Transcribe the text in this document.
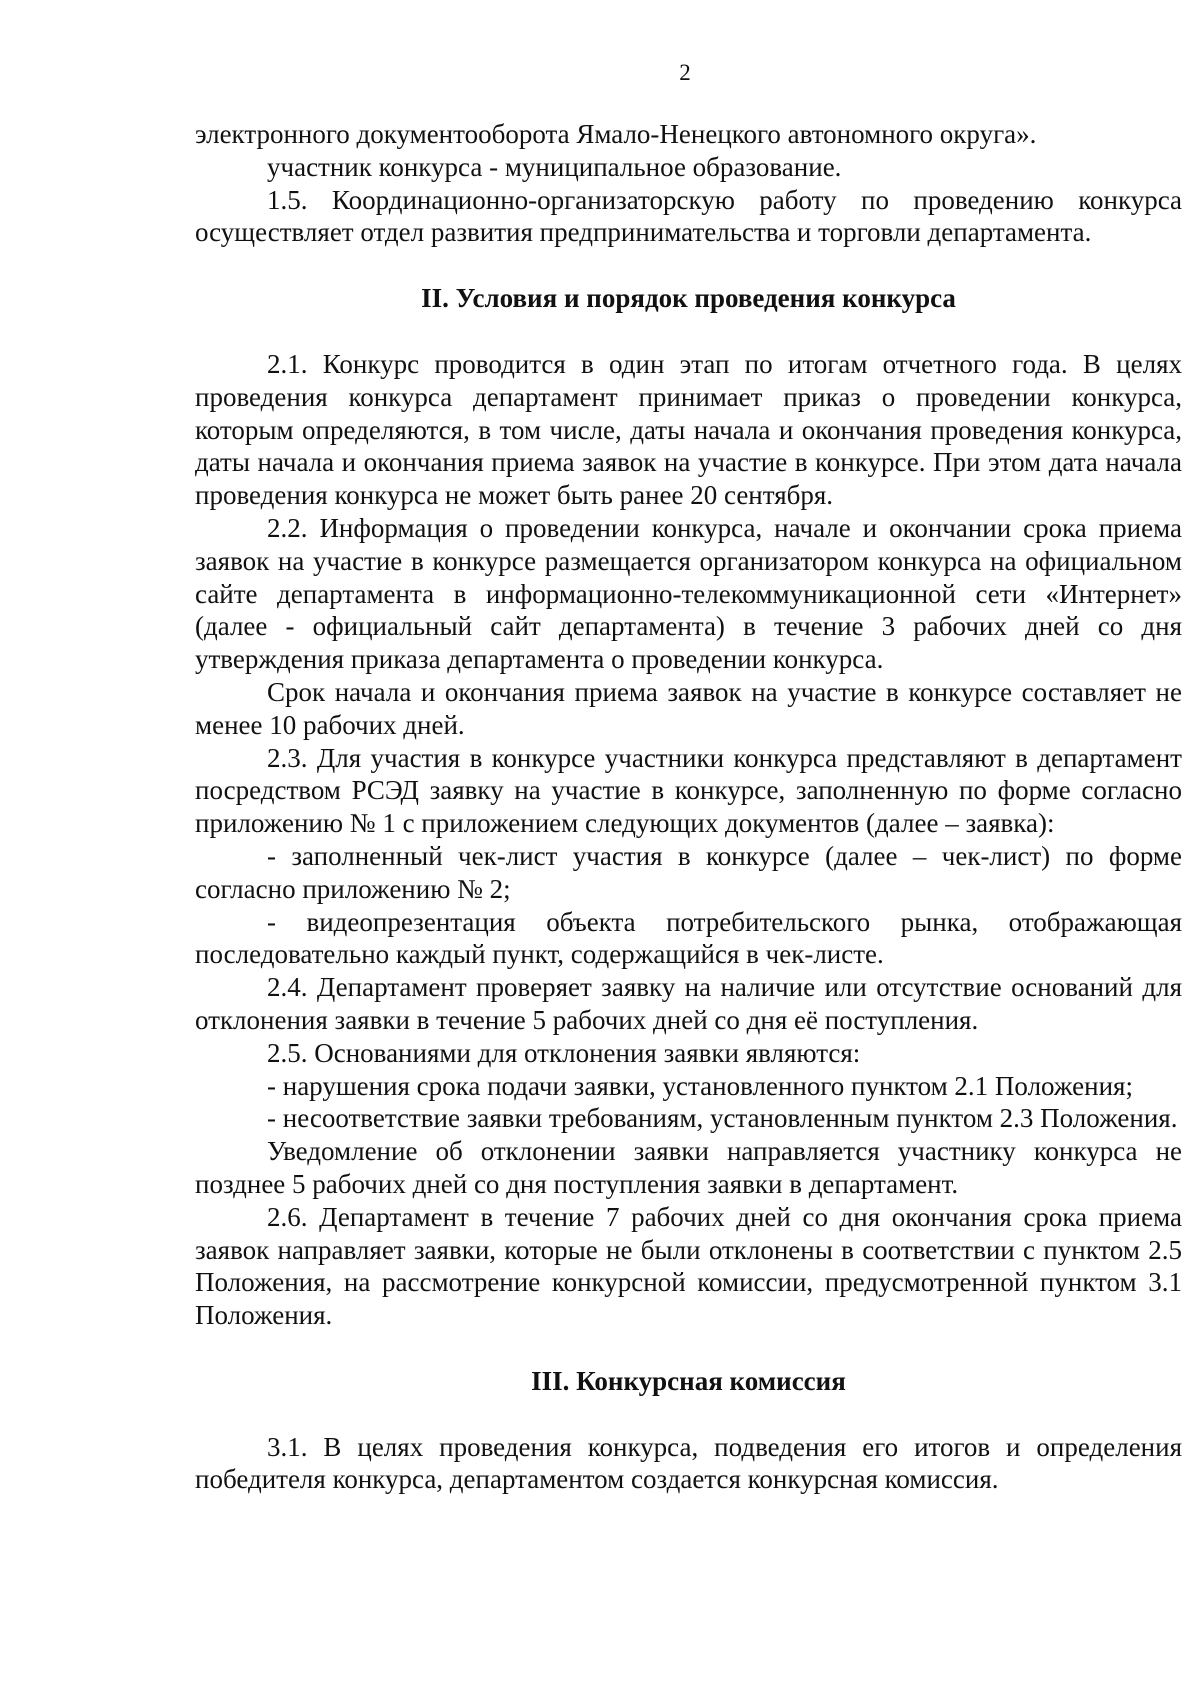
2

электронного документооборота Ямало-Ненецкого автономного округа».

участник конкурса - муниципальное образование.

1.5. Координационно-организаторскую работу по проведению конкурса осуществляет отдел развития предпринимательства и торговли департамента.

II. Условия и порядок проведения конкурса

2.1. Конкурс проводится в один этап по итогам отчетного года. В целях проведения конкурса департамент принимает приказ о проведении конкурса, которым определяются, в том числе, даты начала и окончания проведения конкурса, даты начала и окончания приема заявок на участие в конкурсе. При этом дата начала проведения конкурса не может быть ранее 20 сентября.

2.2. Информация о проведении конкурса, начале и окончании срока приема заявок на участие в конкурсе размещается организатором конкурса на официальном сайте департамента в информационно-телекоммуникационной сети «Интернет» (далее - официальный сайт департамента) в течение 3 рабочих дней со дня утверждения приказа департамента о проведении конкурса.

Срок начала и окончания приема заявок на участие в конкурсе составляет не менее 10 рабочих дней.

2.3. Для участия в конкурсе участники конкурса представляют в департамент посредством РСЭД заявку на участие в конкурсе, заполненную по форме согласно приложению № 1 с приложением следующих документов (далее – заявка):

- заполненный чек-лист участия в конкурсе (далее – чек-лист) по форме согласно приложению № 2;

- видеопрезентация объекта потребительского рынка, отображающая последовательно каждый пункт, содержащийся в чек-листе.

2.4. Департамент проверяет заявку на наличие или отсутствие оснований для отклонения заявки в течение 5 рабочих дней со дня её поступления.

2.5. Основаниями для отклонения заявки являются:

- нарушения срока подачи заявки, установленного пунктом 2.1 Положения;

- несоответствие заявки требованиям, установленным пунктом 2.3 Положения.

Уведомление об отклонении заявки направляется участнику конкурса не позднее 5 рабочих дней со дня поступления заявки в департамент.

2.6. Департамент в течение 7 рабочих дней со дня окончания срока приема заявок направляет заявки, которые не были отклонены в соответствии с пунктом 2.5 Положения, на рассмотрение конкурсной комиссии, предусмотренной пунктом 3.1 Положения.

III. Конкурсная комиссия

3.1. В целях проведения конкурса, подведения его итогов и определения победителя конкурса, департаментом создается конкурсная комиссия.
